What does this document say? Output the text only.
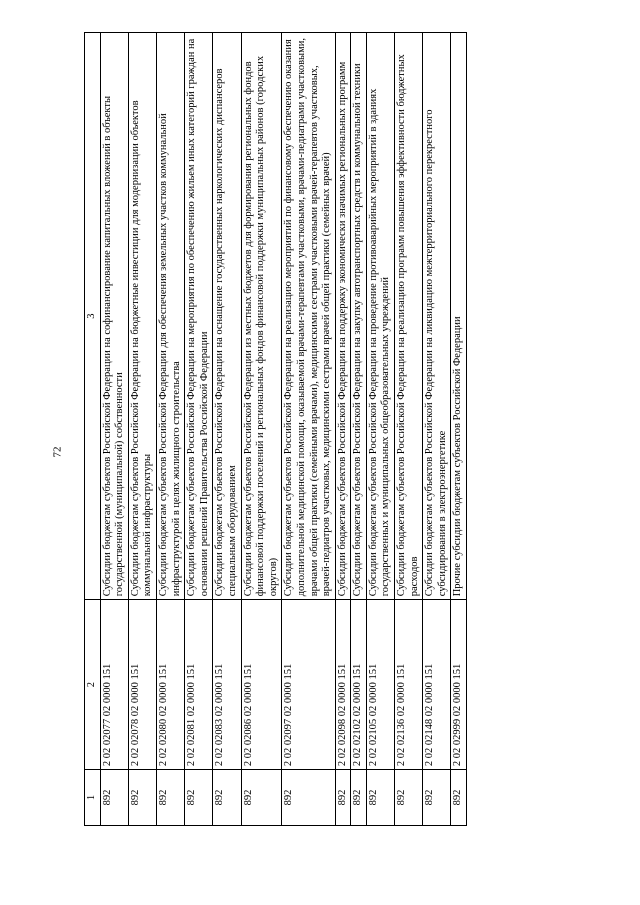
72
1	2	3
892	2 02 02077 02 0000 151	Субсидии бюджетам субъектов Российской Федерации на софинансирование капитальных вложений в объекты государственной (муниципальной) собственности
892	2 02 02078 02 0000 151	Субсидии бюджетам субъектов Российской Федерации на бюджетные инвестиции для модернизации объектов коммунальной инфраструктуры
892	2 02 02080 02 0000 151	Субсидии бюджетам субъектов Российской Федерации для обеспечения земельных участков коммунальной инфраструктурой в целях жилищного строительства
892	2 02 02081 02 0000 151	Субсидии бюджетам субъектов Российской Федерации на мероприятия по обеспечению жильем иных категорий граждан на основании решений Правительства Российской Федерации
892	2 02 02083 02 0000 151	Субсидии бюджетам субъектов Российской Федерации на оснащение государственных наркологических диспансеров специальным оборудованием
892	2 02 02086 02 0000 151	Субсидии бюджетам субъектов Российской Федерации из местных бюджетов для формирования региональных фондов финансовой поддержки поселений и региональных фондов финансовой поддержки муниципальных районов (городских округов)
892	2 02 02097 02 0000 151	Субсидии бюджетам субъектов Российской Федерации на реализацию мероприятий по финансовому обеспечению оказания дополнительной медицинской помощи, оказываемой врачами-терапевтами участковыми, врачами-педиатрами участковыми, врачами общей практики (семейными врачами), медицинскими сестрами участковыми врачей-терапевтов участковых, врачей-педиатров участковых, медицинскими сестрами врачей общей практики (семейных врачей)
892	2 02 02098 02 0000 151	Субсидии бюджетам субъектов Российской Федерации на поддержку экономически значимых региональных программ
892	2 02 02102 02 0000 151	Субсидии бюджетам субъектов Российской Федерации на закупку автотранспортных средств и коммунальной техники
892	2 02 02105 02 0000 151	Субсидии бюджетам субъектов Российской Федерации на проведение противоаварийных мероприятий в зданиях государственных и муниципальных общеобразовательных учреждений
892	2 02 02136 02 0000 151	Субсидии бюджетам субъектов Российской Федерации на реализацию программ повышения эффективности бюджетных расходов
892	2 02 02148 02 0000 151	Субсидии бюджетам субъектов Российской Федерации на ликвидацию межтерриториального перекрестного субсидирования в электроэнергетике
892	2 02 02999 02 0000 151	Прочие субсидии бюджетам субъектов Российской Федерации
